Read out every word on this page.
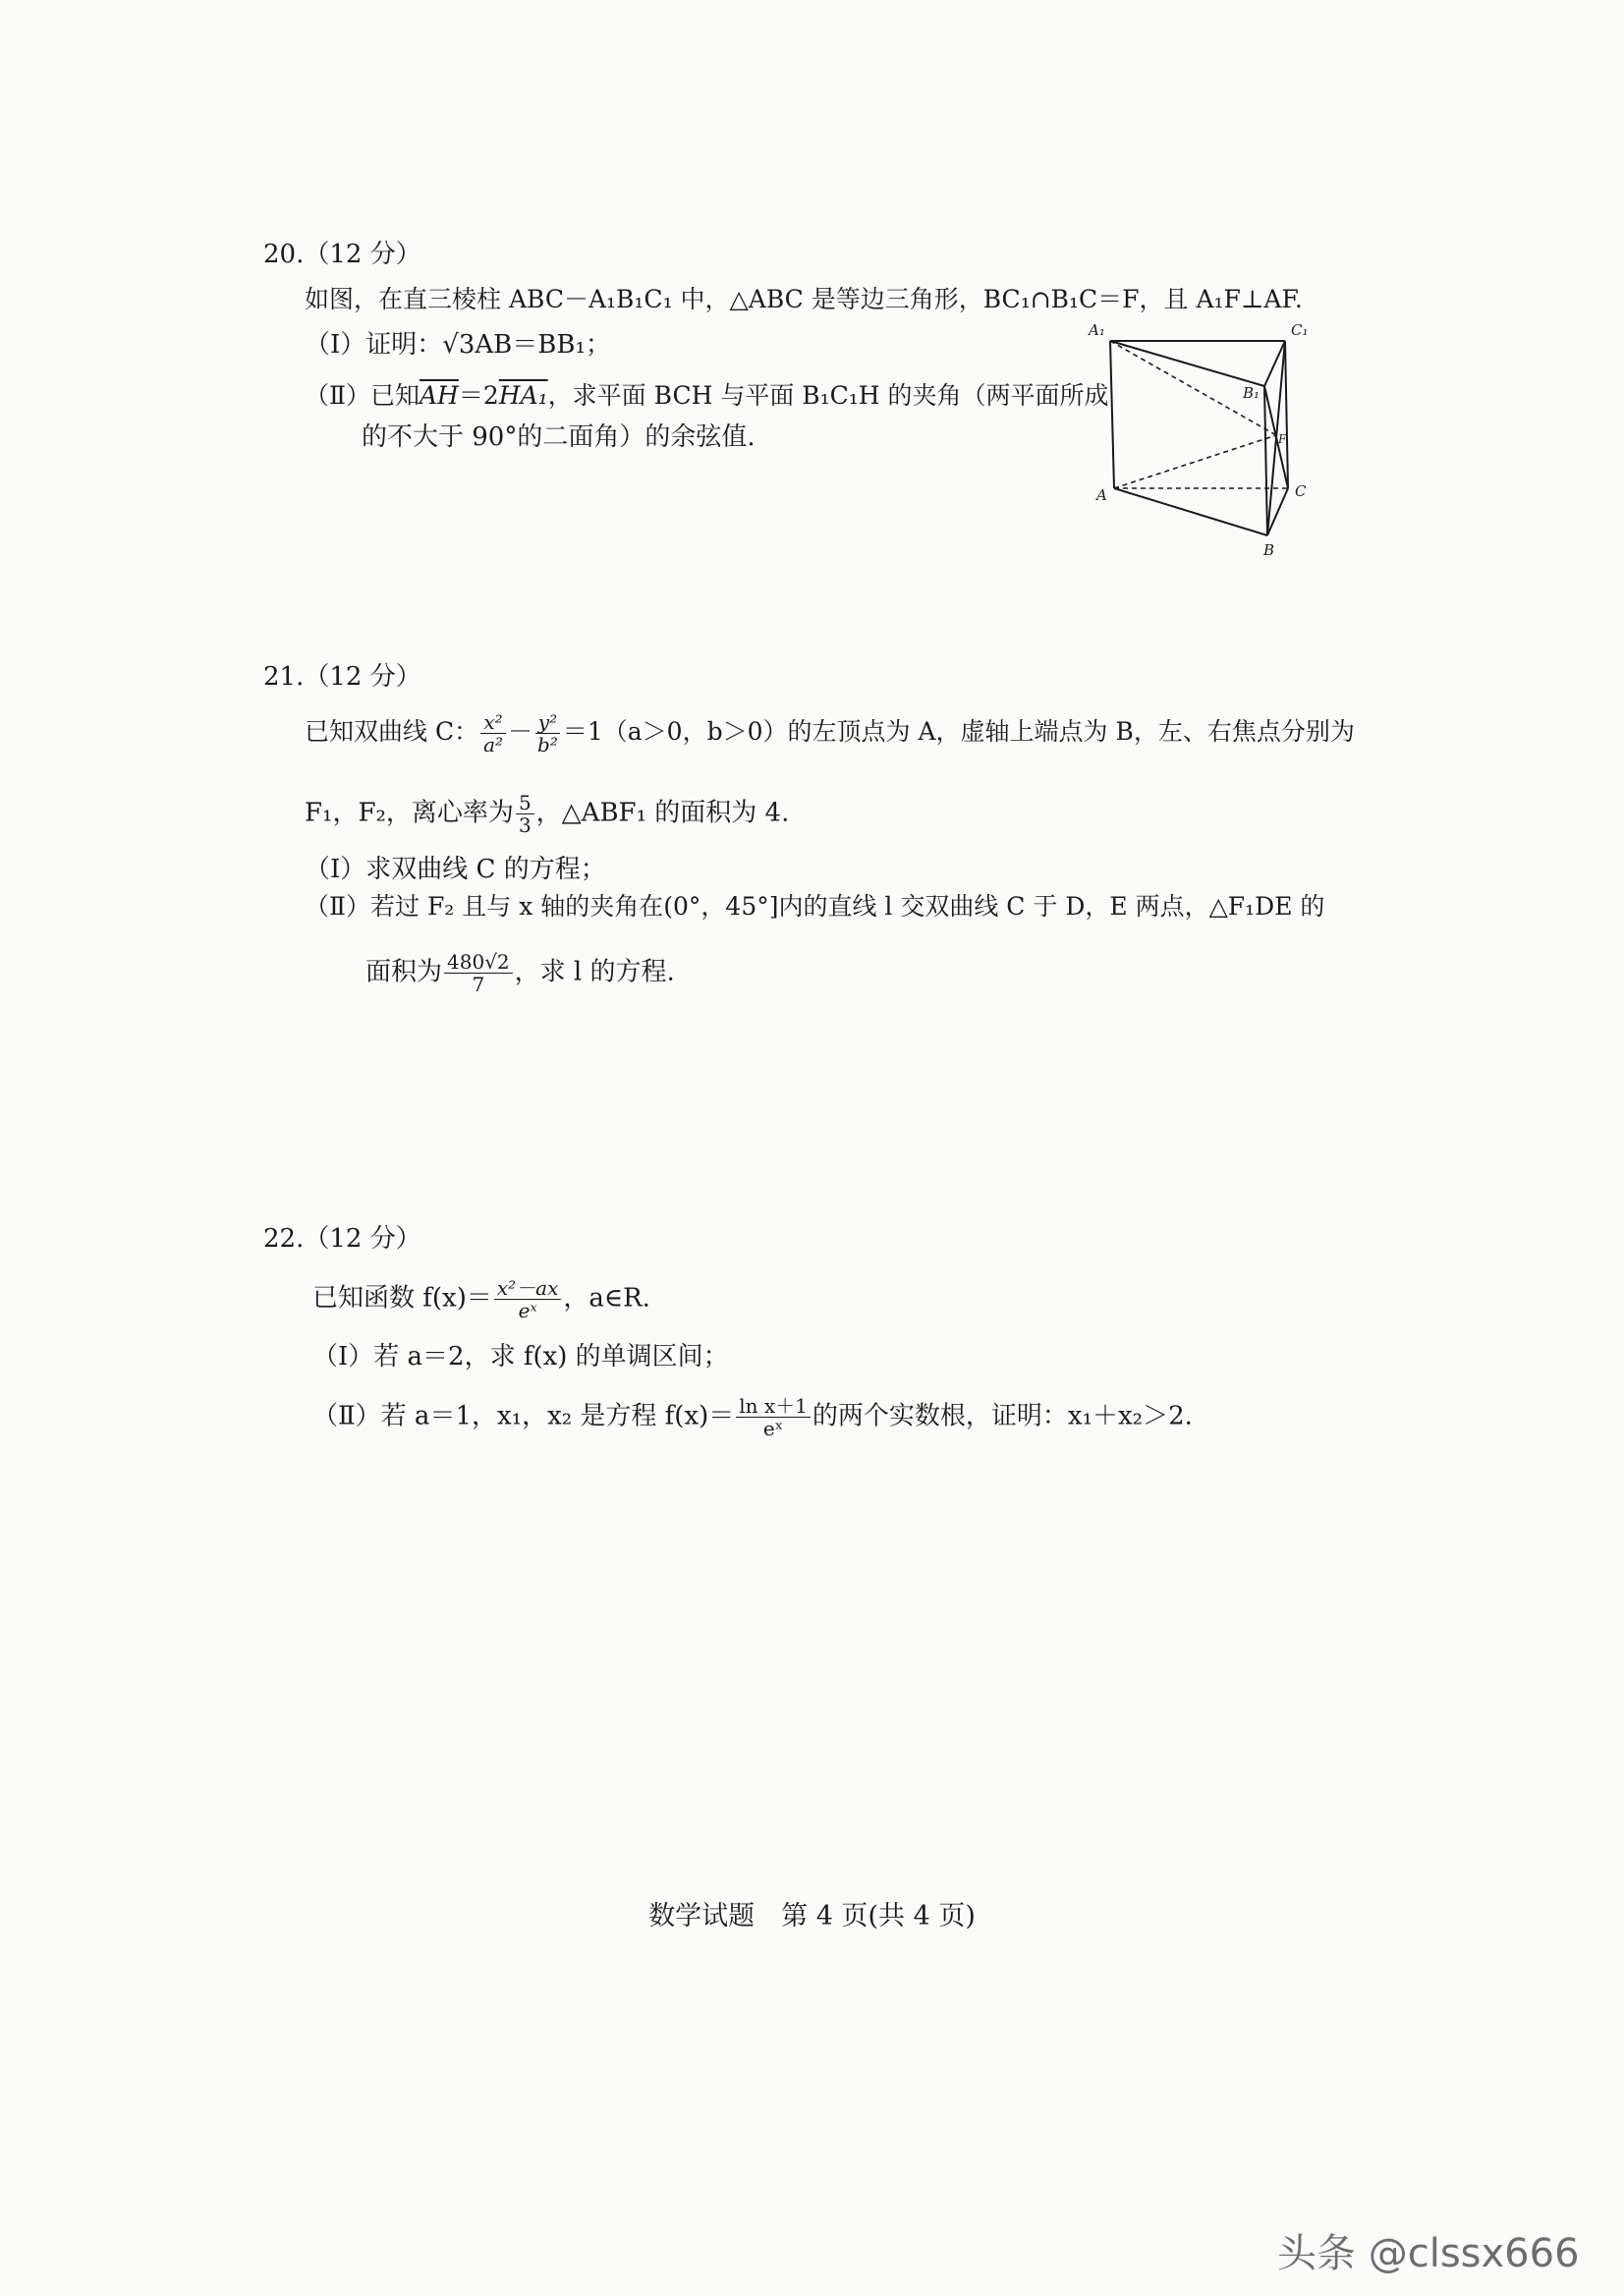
20.（12 分）
如图，在直三棱柱 ABC－A₁B₁C₁ 中，△ABC 是等边三角形，BC₁∩B₁C＝F，且 A₁F⊥AF.
（Ⅰ）证明：√3AB＝BB₁；
（Ⅱ）已知$\overline{AH}=2HA_1$，求平面 BCH 与平面 B₁C₁H 的夹角（两平面所成
的不大于 90°的二面角）的余弦值.
A₁	C₁
B₁
F
A	C
B
21.（12 分）
已知双曲线 C： $\frac{\text{x²}}{\text{a²}} - \frac{\text{y²}}{\text{b²}} =1(a>0$，b＞0）的左顶点为 A，虚轴上端点为 B，左、右焦点分别为
F₁，F₂，离心率为 $\frac{5}{3}$ ，△ABF₁ 的面积为 4.
（Ⅰ）求双曲线 C 的方程；
（Ⅱ）若过 F₂ 且与 x 轴的夹角在(0°，45°]内的直线 l 交双曲线 C 于 D，E 两点，△F₁DE 的
面积为 $\frac{480√2}{7}$ ，求 l 的方程.
22.（12 分）
已知函数 $f(x)= \frac{\text{x²－ax}}{\text{eˣ}}$ ，a∈R.
（Ⅰ）若 a＝2，求 f(x) 的单调区间；
（Ⅱ）若 a＝1，x₁，x₂ 是方程 $f(x)= \frac{\text{ln x＋1}}{\text{eˣ}}$ 的两个实数根，证明：x₁＋x₂＞2.
数学试题　第 4 页(共 4 页)
头条 @clssx666
